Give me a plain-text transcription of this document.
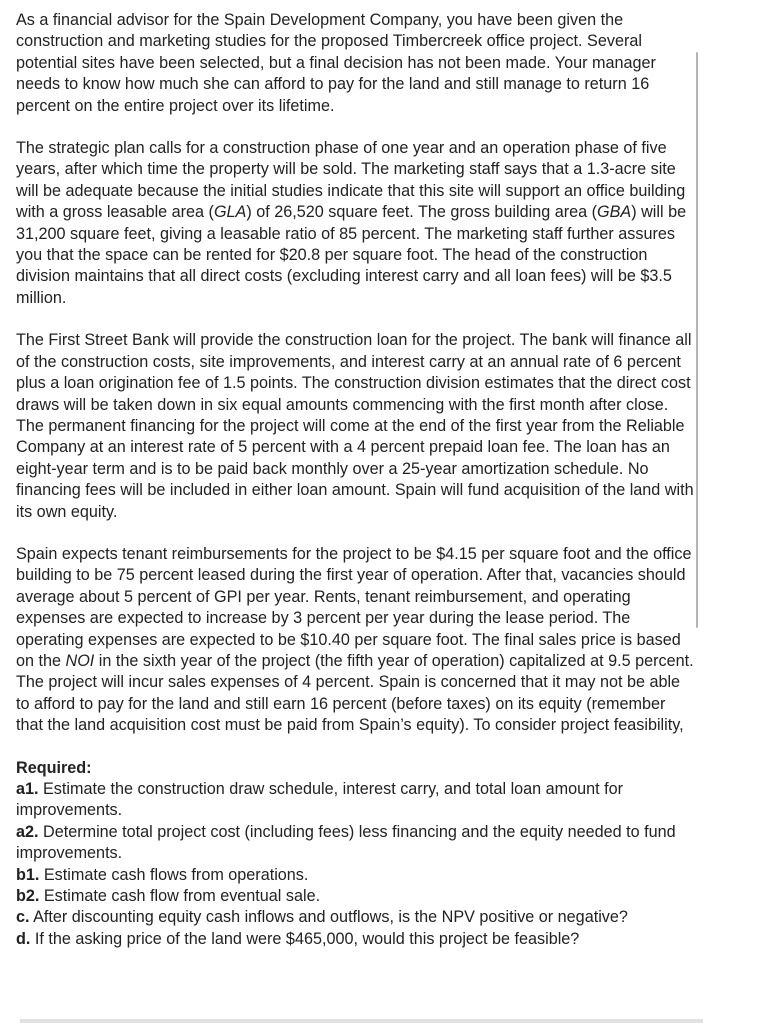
As a financial advisor for the Spain Development Company, you have been given the construction and marketing studies for the proposed Timbercreek office project. Several potential sites have been selected, but a final decision has not been made. Your manager needs to know how much she can afford to pay for the land and still manage to return 16 percent on the entire project over its lifetime.

The strategic plan calls for a construction phase of one year and an operation phase of five years, after which time the property will be sold. The marketing staff says that a 1.3-acre site will be adequate because the initial studies indicate that this site will support an office building with a gross leasable area (GLA) of 26,520 square feet. The gross building area (GBA) will be 31,200 square feet, giving a leasable ratio of 85 percent. The marketing staff further assures you that the space can be rented for $20.8 per square foot. The head of the construction division maintains that all direct costs (excluding interest carry and all loan fees) will be $3.5 million.

The First Street Bank will provide the construction loan for the project. The bank will finance all of the construction costs, site improvements, and interest carry at an annual rate of 6 percent plus a loan origination fee of 1.5 points. The construction division estimates that the direct cost draws will be taken down in six equal amounts commencing with the first month after close. The permanent financing for the project will come at the end of the first year from the Reliable Company at an interest rate of 5 percent with a 4 percent prepaid loan fee. The loan has an eight-year term and is to be paid back monthly over a 25-year amortization schedule. No financing fees will be included in either loan amount. Spain will fund acquisition of the land with its own equity.

Spain expects tenant reimbursements for the project to be $4.15 per square foot and the office building to be 75 percent leased during the first year of operation. After that, vacancies should average about 5 percent of GPI per year. Rents, tenant reimbursement, and operating expenses are expected to increase by 3 percent per year during the lease period. The operating expenses are expected to be $10.40 per square foot. The final sales price is based on the NOI in the sixth year of the project (the fifth year of operation) capitalized at 9.5 percent. The project will incur sales expenses of 4 percent. Spain is concerned that it may not be able to afford to pay for the land and still earn 16 percent (before taxes) on its equity (remember that the land acquisition cost must be paid from Spain’s equity). To consider project feasibility,

Required:

a1. Estimate the construction draw schedule, interest carry, and total loan amount for improvements.

a2. Determine total project cost (including fees) less financing and the equity needed to fund improvements.

b1. Estimate cash flows from operations.

b2. Estimate cash flow from eventual sale.

c. After discounting equity cash inflows and outflows, is the NPV positive or negative?

d. If the asking price of the land were $465,000, would this project be feasible?
